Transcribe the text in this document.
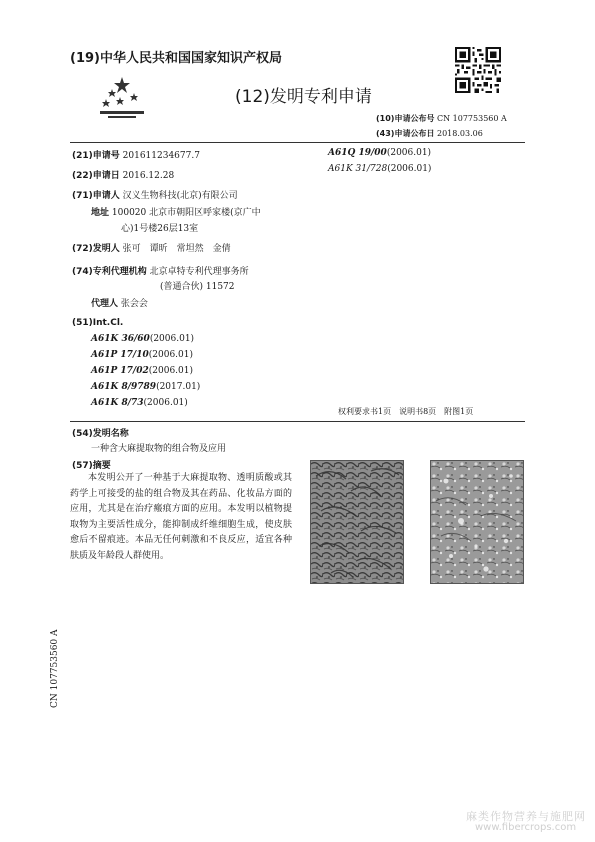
(19)中华人民共和国国家知识产权局
(12)发明专利申请
(10)申请公布号 CN 107753560 A
(43)申请公布日 2018.03.06
(21)申请号 201611234677.7
(22)申请日 2016.12.28
(71)申请人 汉义生物科技(北京)有限公司
地址 100020 北京市朝阳区呼家楼(京广中
心)1号楼26层13室
(72)发明人 张可　谭昕　常坦然　金倩
(74)专利代理机构 北京卓特专利代理事务所
(普通合伙) 11572
代理人 张会会
(51)Int.Cl.
A61K 36/60(2006.01)
A61P 17/10(2006.01)
A61P 17/02(2006.01)
A61K 8/9789(2017.01)
A61K 8/73(2006.01)
A61Q 19/00(2006.01)
A61K 31/728(2006.01)
权利要求书1页　说明书8页　附图1页
(54)发明名称
一种含大麻提取物的组合物及应用
(57)摘要
本发明公开了一种基于大麻提取物、透明质酸或其药学上可接受的盐的组合物及其在药品、化妆品方面的应用，尤其是在治疗瘢痕方面的应用。本发明以植物提取物为主要活性成分，能抑制成纤维细胞生成，使皮肤愈后不留痕迹。本品无任何刺激和不良反应，适宜各种肤质及年龄段人群使用。
CN 107753560 A
麻类作物营养与施肥网
www.fibercrops.com
